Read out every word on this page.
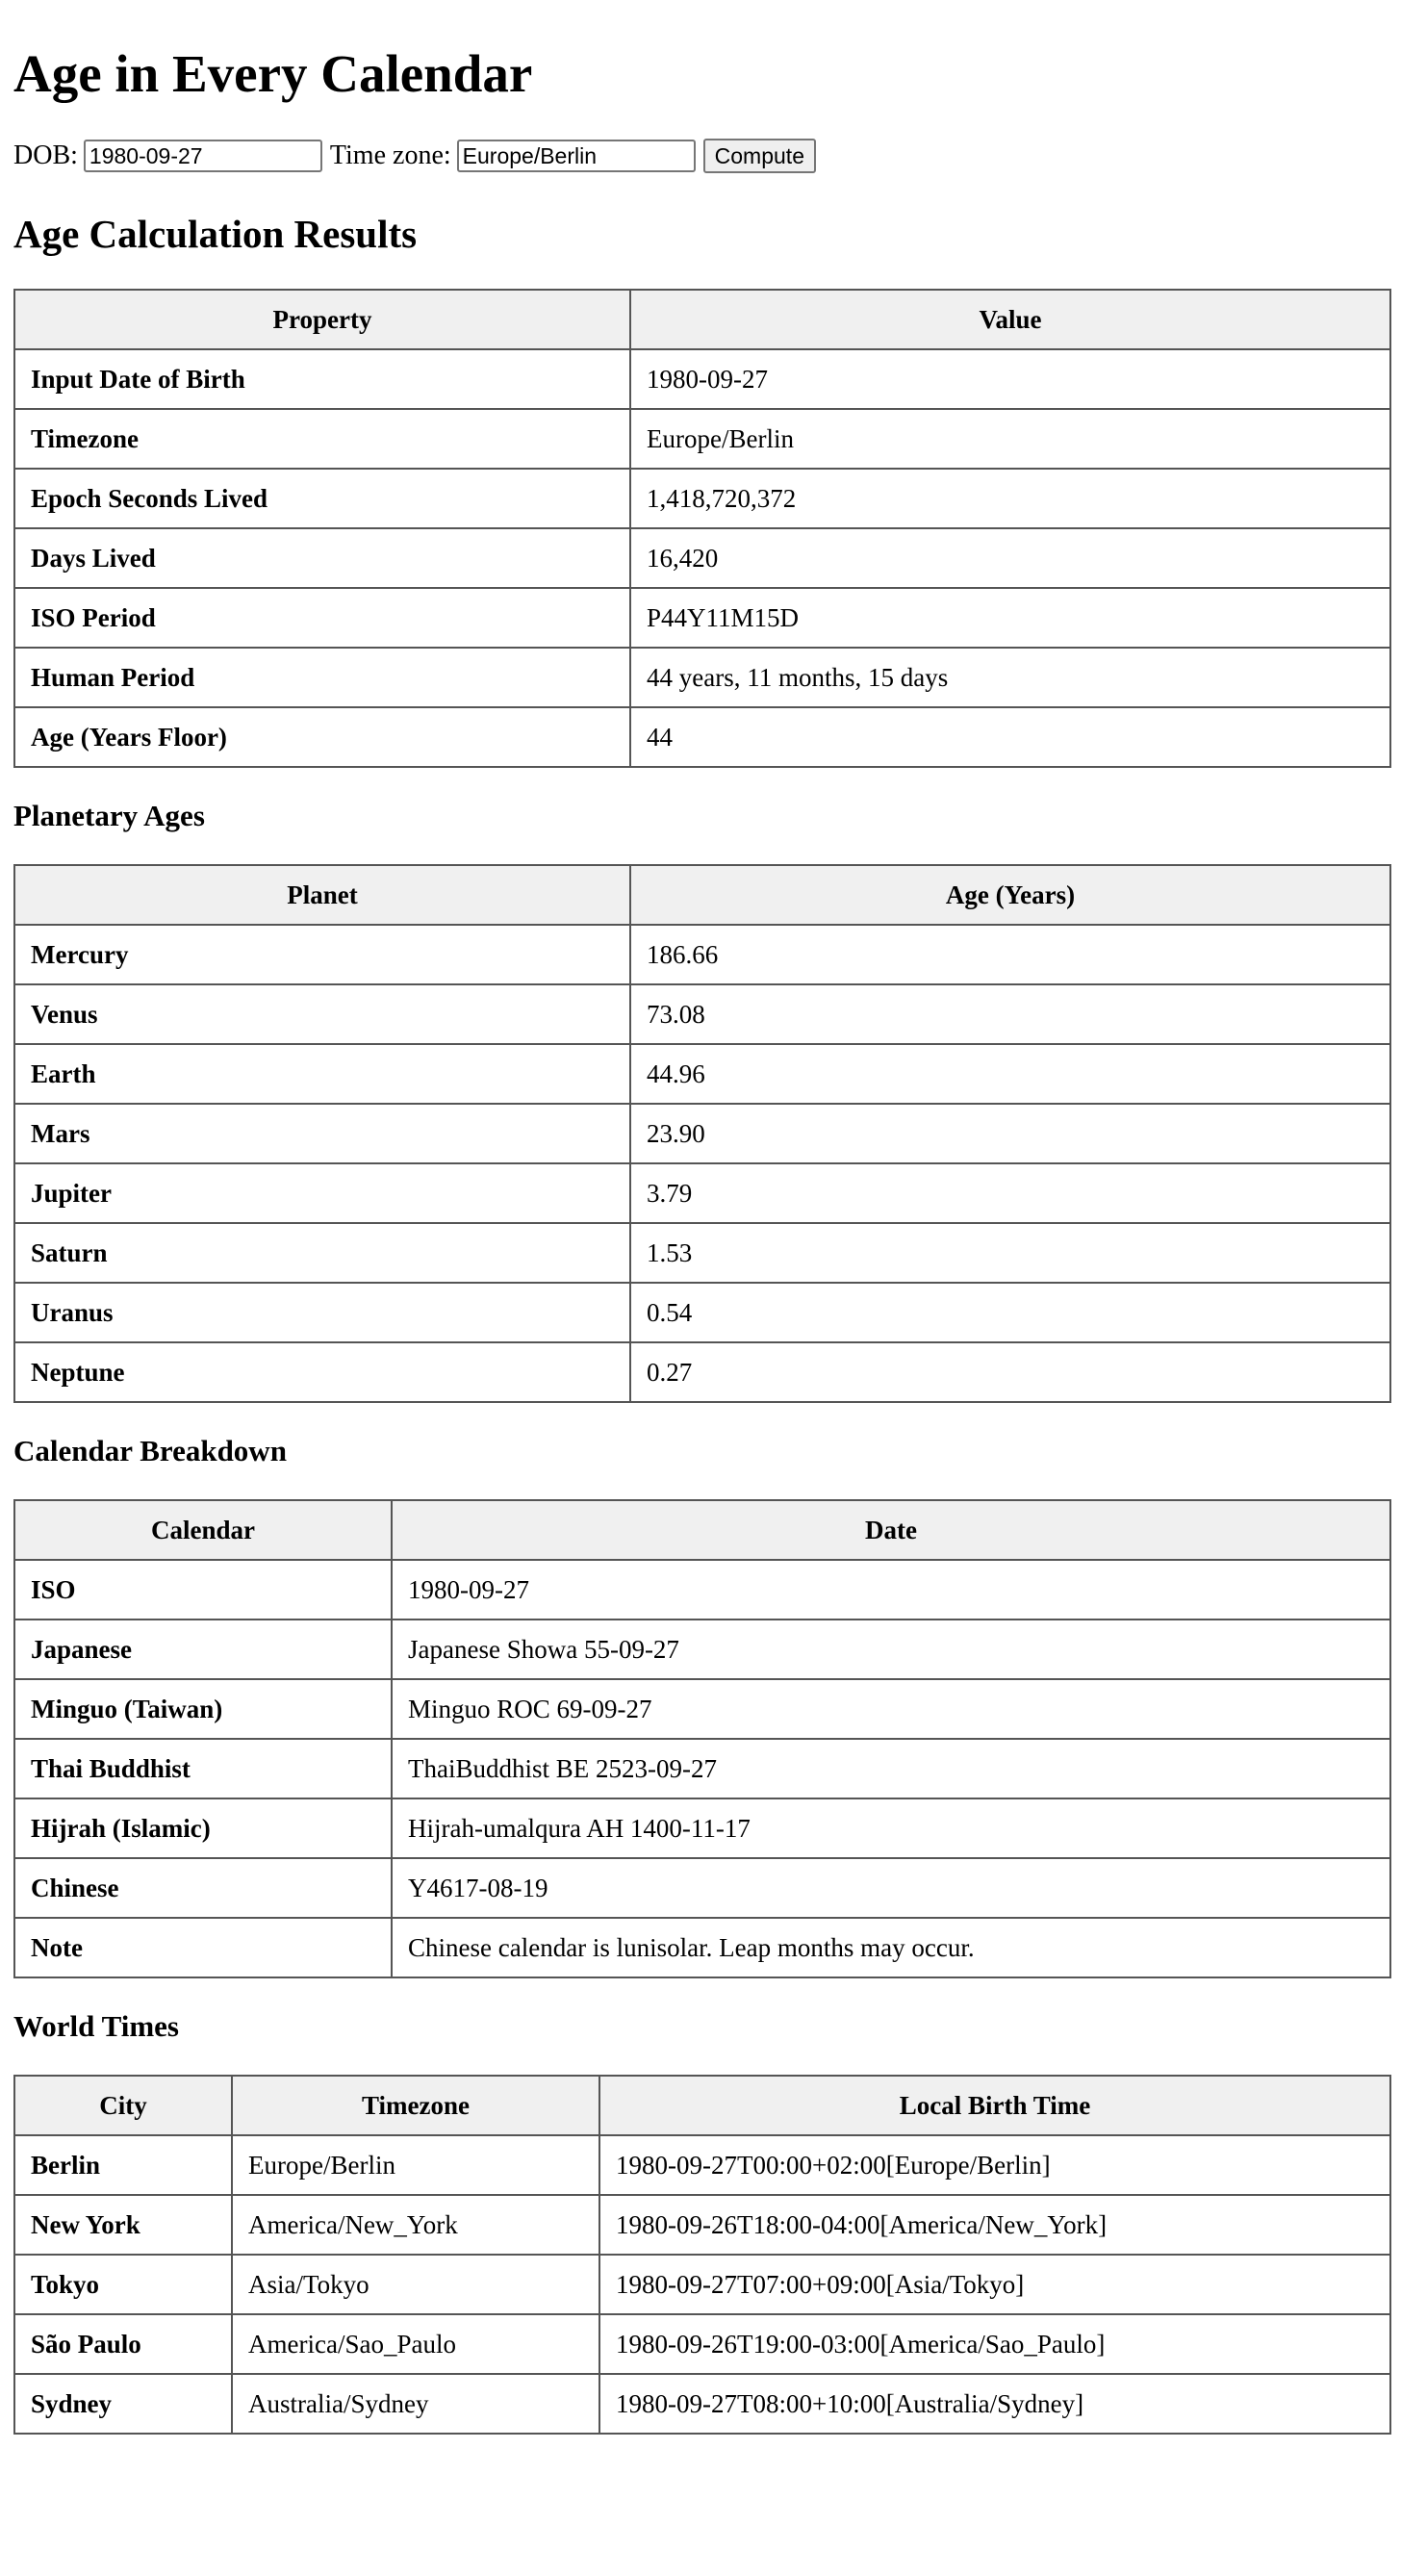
Age in Every Calendar
DOB:
1980-09-27	Time zone:
Europe/Berlin	Compute
Age Calculation Results
Property	Value
Input Date of Birth	1980-09-27
Timezone	Europe/Berlin
Epoch Seconds Lived	1,418,720,372
Days Lived	16,420
ISO Period	P44Y11M15D
Human Period	44 years, 11 months, 15 days
Age (Years Floor)	44
Planetary Ages
Planet	Age (Years)
Mercury	186.66
Venus	73.08
Earth	44.96
Mars	23.90
Jupiter	3.79
Saturn	1.53
Uranus	0.54
Neptune	0.27
Calendar Breakdown
Calendar	Date
ISO	1980-09-27
Japanese	Japanese Showa 55-09-27
Minguo (Taiwan)	Minguo ROC 69-09-27
Thai Buddhist	ThaiBuddhist BE 2523-09-27
Hijrah (Islamic)	Hijrah-umalqura AH 1400-11-17
Chinese	Y4617-08-19
Note	Chinese calendar is lunisolar. Leap months may occur.
World Times
City	Timezone	Local Birth Time
Berlin	Europe/Berlin	1980-09-27T00:00+02:00[Europe/Berlin]
New York	America/New_York	1980-09-26T18:00-04:00[America/New_York]
Tokyo	Asia/Tokyo	1980-09-27T07:00+09:00[Asia/Tokyo]
São Paulo	America/Sao_Paulo	1980-09-26T19:00-03:00[America/Sao_Paulo]
Sydney	Australia/Sydney	1980-09-27T08:00+10:00[Australia/Sydney]
